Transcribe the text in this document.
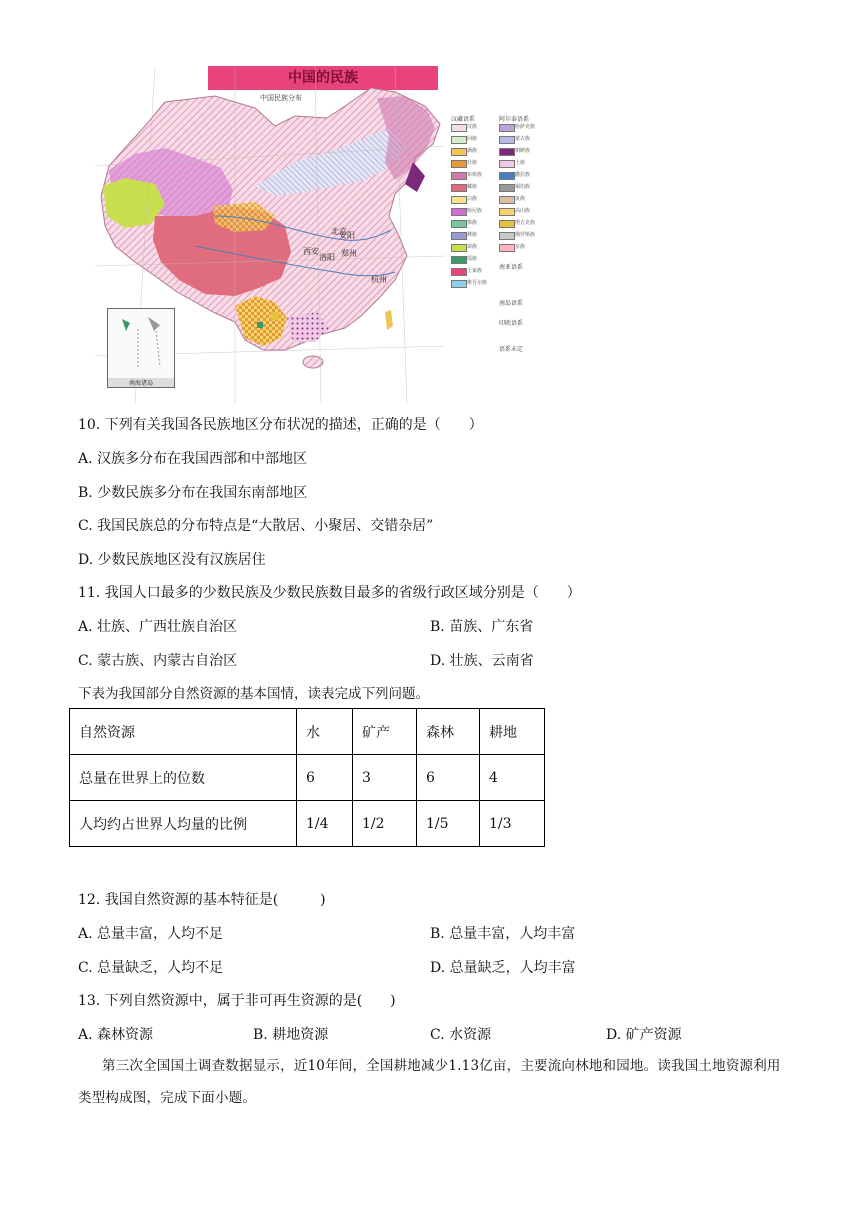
中国的民族
中国民族分布
北京
西安	郑州
杭州
安阳
洛阳
南海诸岛
汉藏语系	阿尔泰语系
南亚语系
南岛语系
印欧语系
语系未定
汉族
回族
满族
壮族
布依族
藏族
白族
哈尼族
傣族
彝族
苗族
瑶族
土家族
维吾尔族
哈萨克族
蒙古族
朝鲜族
土族
撒拉族
锡伯族
佤族
高山族
塔吉克族
俄罗斯族
京族
10. 下列有关我国各民族地区分布状况的描述，正确的是（　　）
A. 汉族多分布在我国西部和中部地区
B. 少数民族多分布在我国东南部地区
C. 我国民族总的分布特点是“大散居、小聚居、交错杂居”
D. 少数民族地区没有汉族居住
11. 我国人口最多的少数民族及少数民族数目最多的省级行政区域分别是（　　）
A. 壮族、广西壮族自治区	B. 苗族、广东省
C. 蒙古族、内蒙古自治区	D. 壮族、云南省
下表为我国部分自然资源的基本国情，读表完成下列问题。
自然资源	水	矿产	森林	耕地
总量在世界上的位数	6	3	6	4
人均约占世界人均量的比例	1/4	1/2	1/5	1/3
12. 我国自然资源的基本特征是(　　　)
A. 总量丰富，人均不足	B. 总量丰富，人均丰富
C. 总量缺乏，人均不足	D. 总量缺乏，人均丰富
13. 下列自然资源中，属于非可再生资源的是(　　)
A. 森林资源	B. 耕地资源	C. 水资源	D. 矿产资源
第三次全国国土调查数据显示，近10年间，全国耕地减少1.13亿亩，主要流向林地和园地。读我国土地资源利用类型构成图，完成下面小题。
